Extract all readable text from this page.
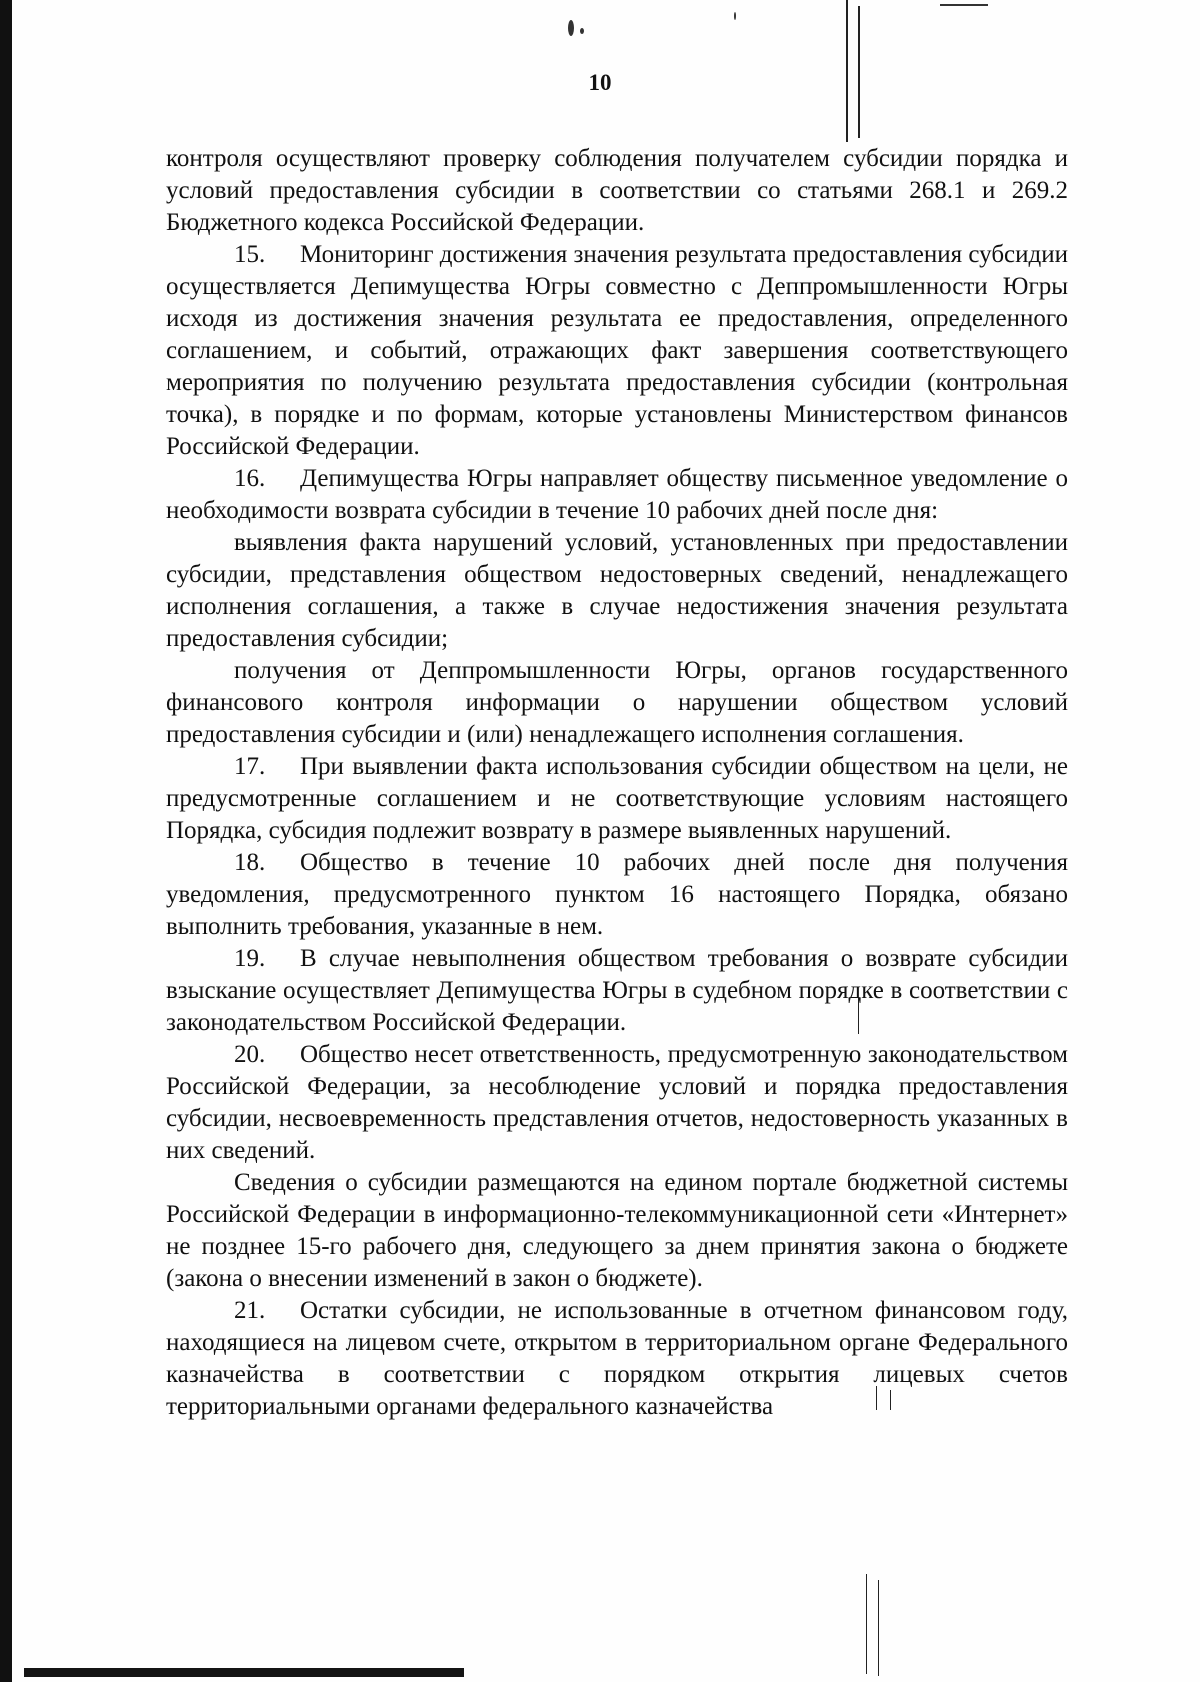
10

контроля осуществляют проверку соблюдения получателем субсидии порядка и условий предоставления субсидии в соответствии со статьями 268.1 и 269.2 Бюджетного кодекса Российской Федерации.

15. Мониторинг достижения значения результата предоставления субсидии осуществляется Депимущества Югры совместно с Деппромышленности Югры исходя из достижения значения результата ее предоставления, определенного соглашением, и событий, отражающих факт завершения соответствующего мероприятия по получению результата предоставления субсидии (контрольная точка), в порядке и по формам, которые установлены Министерством финансов Российской Федерации.

16. Депимущества Югры направляет обществу письменное уведомление о необходимости возврата субсидии в течение 10 рабочих дней после дня:

выявления факта нарушений условий, установленных при предоставлении субсидии, представления обществом недостоверных сведений, ненадлежащего исполнения соглашения, а также в случае недостижения значения результата предоставления субсидии;

получения от Деппромышленности Югры, органов государственного финансового контроля информации о нарушении обществом условий предоставления субсидии и (или) ненадлежащего исполнения соглашения.

17. При выявлении факта использования субсидии обществом на цели, не предусмотренные соглашением и не соответствующие условиям настоящего Порядка, субсидия подлежит возврату в размере выявленных нарушений.

18. Общество в течение 10 рабочих дней после дня получения уведомления, предусмотренного пунктом 16 настоящего Порядка, обязано выполнить требования, указанные в нем.

19. В случае невыполнения обществом требования о возврате субсидии взыскание осуществляет Депимущества Югры в судебном порядке в соответствии с законодательством Российской Федерации.

20. Общество несет ответственность, предусмотренную законодательством Российской Федерации, за несоблюдение условий и порядка предоставления субсидии, несвоевременность представления отчетов, недостоверность указанных в них сведений.

Сведения о субсидии размещаются на едином портале бюджетной системы Российской Федерации в информационно-телекоммуникационной сети «Интернет» не позднее 15-го рабочего дня, следующего за днем принятия закона о бюджете (закона о внесении изменений в закон о бюджете).

21. Остатки субсидии, не использованные в отчетном финансовом году, находящиеся на лицевом счете, открытом в территориальном органе Федерального казначейства в соответствии с порядком открытия лицевых счетов территориальными органами федерального казначейства
